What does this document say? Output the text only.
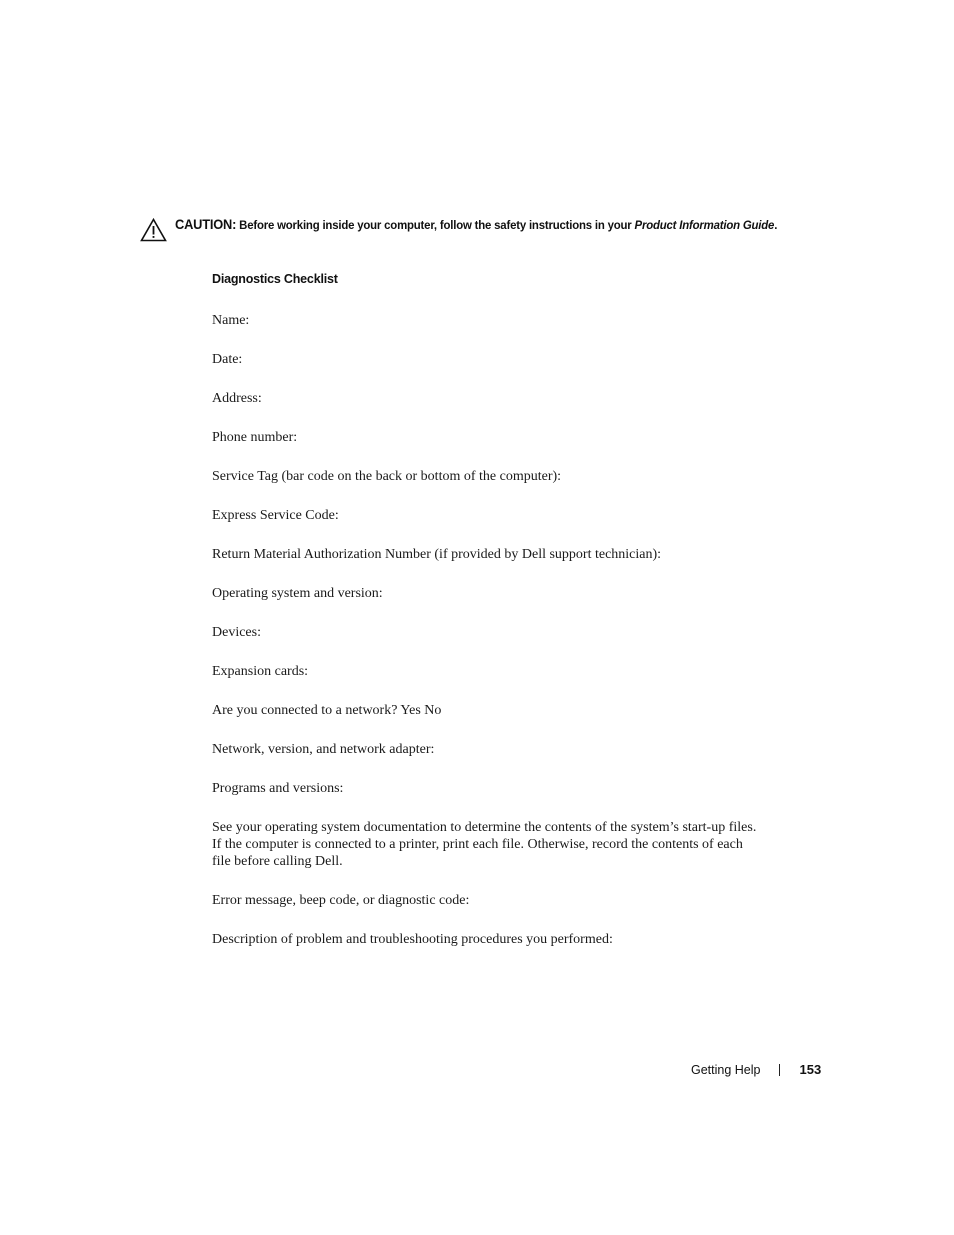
CAUTION: Before working inside your computer, follow the safety instructions in your Product Information Guide.
Diagnostics Checklist
Name:
Date:
Address:
Phone number:
Service Tag (bar code on the back or bottom of the computer):
Express Service Code:
Return Material Authorization Number (if provided by Dell support technician):
Operating system and version:
Devices:
Expansion cards:
Are you connected to a network? Yes No
Network, version, and network adapter:
Programs and versions:
See your operating system documentation to determine the contents of the system’s start-up files. If the computer is connected to a printer, print each file. Otherwise, record the contents of each file before calling Dell.
Error message, beep code, or diagnostic code:
Description of problem and troubleshooting procedures you performed:
Getting Help	153
